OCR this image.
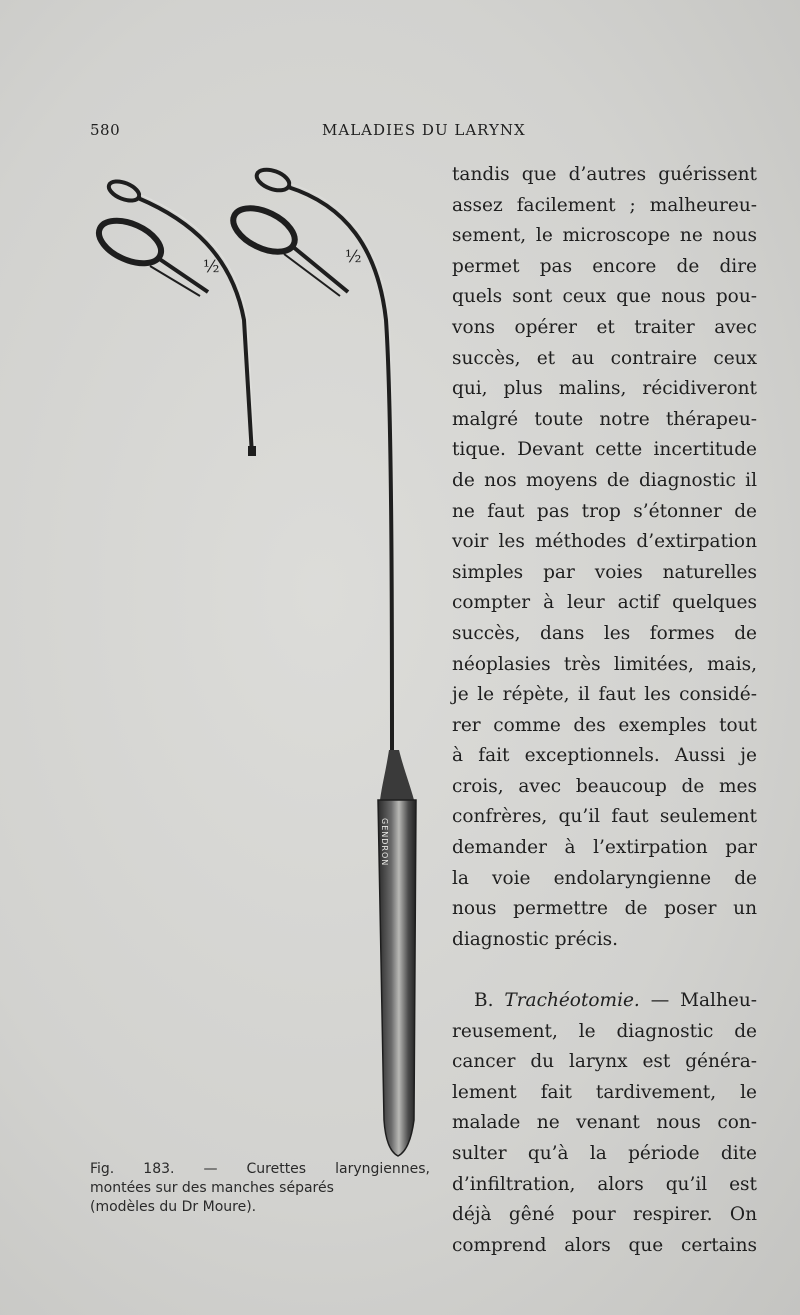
580	MALADIES DU LARYNX
½
GENDRON
½

Fig. 183. — Curettes laryngiennes,

montées sur des manches séparés

(modèles du Dr Moure).

tandis que d’autres guérissent
assez facilement ; malheureu-
sement, le microscope ne nous
permet pas encore de dire
quels sont ceux que nous pou-
vons opérer et traiter avec
succès, et au contraire ceux
qui, plus malins, récidiveront
malgré toute notre thérapeu-
tique. Devant cette incertitude
de nos moyens de diagnostic il
ne faut pas trop s’étonner de
voir les méthodes d’extirpation
simples par voies naturelles
compter à leur actif quelques
succès, dans les formes de
néoplasies très limitées, mais,
je le répète, il faut les considé-
rer comme des exemples tout
à fait exceptionnels. Aussi je
crois, avec beaucoup de mes
confrères, qu’il faut seulement
demander à l’extirpation par
la voie endolaryngienne de
nous permettre de poser un
diagnostic précis.
B. Trachéotomie. — Malheu-
reusement, le diagnostic de
cancer du larynx est généra-
lement fait tardivement, le
malade ne venant nous con-
sulter qu’à la période dite
d’infiltration, alors qu’il est
déjà gêné pour respirer. On
comprend alors que certains
